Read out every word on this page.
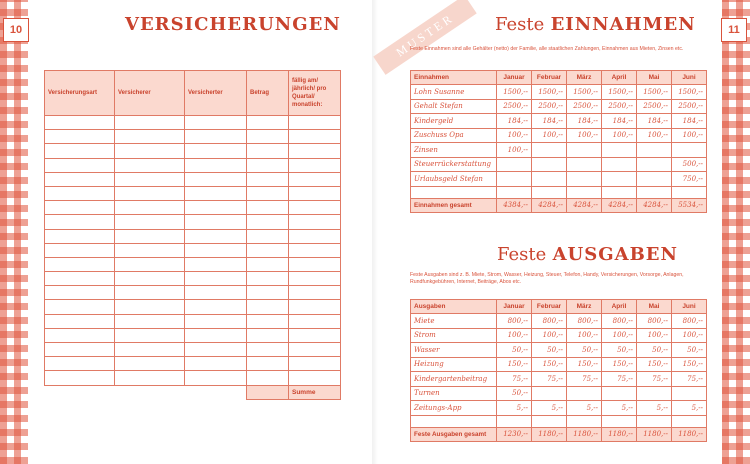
10	11
VERSICHERUNGEN	MUSTER	Feste EINNAHMEN
Feste Einnahmen sind alle Gehälter (netto) der Familie, alle staatlichen Zahlungen, Einnahmen aus Mieten, Zinsen etc.
Feste AUSGABEN
Feste Ausgaben sind z. B. Miete, Strom, Wasser, Heizung, Steuer, Telefon, Handy, Versicherungen, Vorsorge, Anlagen, Rundfunkgebühren, Internet, Beiträge, Abos etc.
Versicherungsart	Versicherer	Versicherter	Betrag	fällig am/ jährlich/ pro Quartal/ monatlich:

				Summe
Einnahmen	Januar	Februar	März	April	Mai	Juni
Lohn Susanne	1500,--	1500,--	1500,--	1500,--	1500,--	1500,--
Gehalt Stefan	2500,--	2500,--	2500,--	2500,--	2500,--	2500,--
Kindergeld	184,--	184,--	184,--	184,--	184,--	184,--
Zuschuss Opa	100,--	100,--	100,--	100,--	100,--	100,--
Zinsen	100,--					
Steuerrückerstattung						500,--
Urlaubsgeld Stefan						750,--

Einnahmen gesamt	4384,--	4284,--	4284,--	4284,--	4284,--	5534,--
Ausgaben	Januar	Februar	März	April	Mai	Juni
Miete	800,--	800,--	800,--	800,--	800,--	800,--
Strom	100,--	100,--	100,--	100,--	100,--	100,--
Wasser	50,--	50,--	50,--	50,--	50,--	50,--
Heizung	150,--	150,--	150,--	150,--	150,--	150,--
Kindergartenbeitrag	75,--	75,--	75,--	75,--	75,--	75,--
Turnen	50,--					
Zeitungs-App	5,--	5,--	5,--	5,--	5,--	5,--

Feste Ausgaben gesamt	1230,--	1180,--	1180,--	1180,--	1180,--	1180,--
